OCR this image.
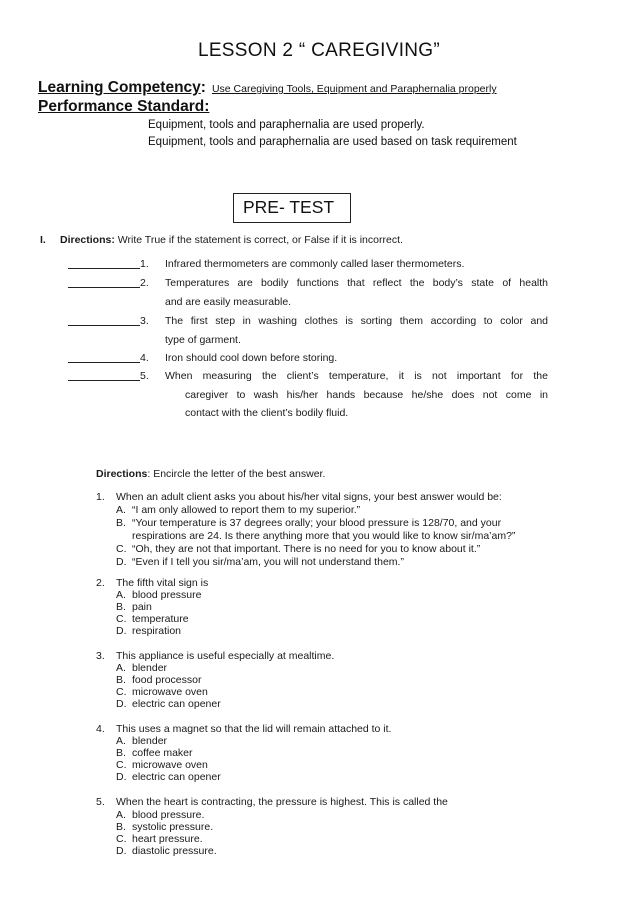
LESSON 2 “ CAREGIVING”
Learning Competency: Use Caregiving Tools, Equipment and Paraphernalia properly
Performance Standard:
Equipment, tools and paraphernalia are used properly.
Equipment, tools and paraphernalia are used based on task requirement
PRE- TEST
I. Directions: Write True if the statement is correct, or False if it is incorrect.
1. Infrared thermometers are commonly called laser thermometers.
2. Temperatures are bodily functions that reflect the body’s state of health
and are easily measurable.
3. The first step in washing clothes is sorting them according to color and
type of garment.
4. Iron should cool down before storing.
5. When measuring the client’s temperature, it is not important for the
caregiver to wash his/her hands because he/she does not come in
contact with the client’s bodily fluid.
Directions: Encircle the letter of the best answer.
1. When an adult client asks you about his/her vital signs, your best answer would be:
A. “I am only allowed to report them to my superior.”
B. “Your temperature is 37 degrees orally; your blood pressure is 128/70, and your
respirations are 24. Is there anything more that you would like to know sir/ma’am?”
C. “Oh, they are not that important. There is no need for you to know about it.”
D. “Even if I tell you sir/ma’am, you will not understand them.”
2. The fifth vital sign is
A. blood pressure
B. pain
C. temperature
D. respiration
3. This appliance is useful especially at mealtime.
A. blender
B. food processor
C. microwave oven
D. electric can opener
4. This uses a magnet so that the lid will remain attached to it.
A. blender
B. coffee maker
C. microwave oven
D. electric can opener
5. When the heart is contracting, the pressure is highest. This is called the
A. blood pressure.
B. systolic pressure.
C. heart pressure.
D. diastolic pressure.
